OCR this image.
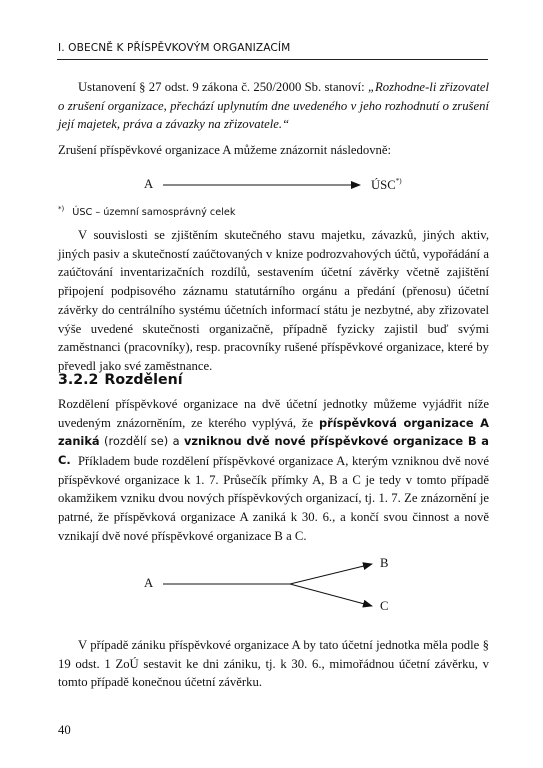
I. OBECNĚ K PŘÍSPĚVKOVÝM ORGANIZACÍM

Ustanovení § 27 odst. 9 zákona č. 250/2000 Sb. stanoví: „Rozhodne-li zřizovatel o zrušení organizace, přechází uplynutím dne uvedeného v jeho rozhodnutí o zrušení její majetek, práva a závazky na zřizovatele.“

Zrušení příspěvkové organizace A můžeme znázornit následovně:

A	ÚSC*)
*) ÚSC – územní samosprávný celek

V souvislosti se zjištěním skutečného stavu majetku, závazků, jiných aktiv, jiných pasiv a skutečností zaúčtovaných v knize podrozvahových účtů, vypořádání a zaúčtování inventarizačních rozdílů, sestavením účetní závěrky včetně zajištění připojení podpisového záznamu statutárního orgánu a předání (přenosu) účetní závěrky do centrálního systému účetních informací státu je nezbytné, aby zřizovatel výše uvedené skutečnosti organizačně, případně fyzicky zajistil buď svými zaměstnanci (pracovníky), resp. pracovníky rušené příspěvkové organizace, které by převedl jako své zaměstnance.

3.2.2 Rozdělení

Rozdělení příspěvkové organizace na dvě účetní jednotky můžeme vyjádřit níže uvedeným znázorněním, ze kterého vyplývá, že příspěvková organizace A zaniká (rozdělí se) a vzniknou dvě nové příspěvkové organizace B a C. Příkladem bude rozdělení příspěvkové organizace A, kterým vzniknou dvě nové příspěvkové organizace k 1. 7. Průsečík přímky A, B a C je tedy v tomto případě okamžikem vzniku dvou nových příspěvkových organizací, tj. 1. 7. Ze znázornění je patrné, že příspěvková organizace A zaniká k 30. 6., a končí svou činnost a nově vznikají dvě nové příspěvkové organizace B a C.

A
B
C

V případě zániku příspěvkové organizace A by tato účetní jednotka měla podle § 19 odst. 1 ZoÚ sestavit ke dni zániku, tj. k 30. 6., mimořádnou účetní závěrku, v tomto případě konečnou účetní závěrku.

40
